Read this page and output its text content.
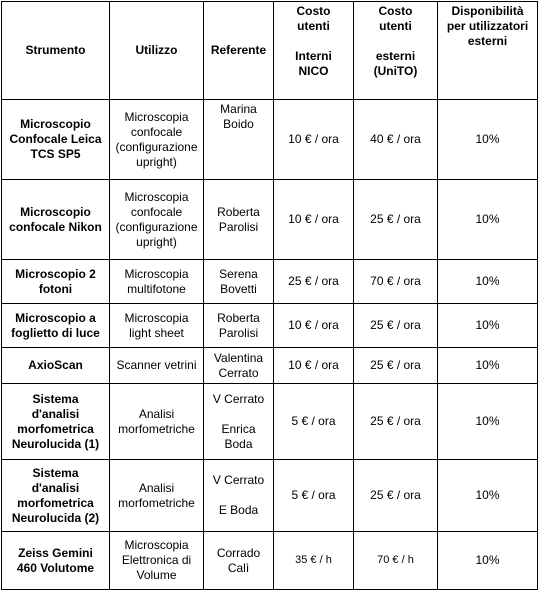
Strumento	Utilizzo	Referente	Costo
utenti
Interni
NICO	Costo
utenti
esterni
(UniTO)	Disponibilità
per utilizzatori
esterni

Microscopio
Confocale Leica
TCS SP5	Microscopia
confocale
(configurazione
upright)	Marina
Boido	10 € / ora	40 € / ora	10%

Microscopio
confocale Nikon	Microscopia
confocale
(configurazione
upright)	Roberta
Parolisi	10 € / ora	25 € / ora	10%

Microscopio 2
fotoni	Microscopia
multifotone	Serena
Bovetti	25 € / ora	70 € / ora	10%

Microscopio a
foglietto di luce	Microscopia
light sheet	Roberta
Parolisi	10 € / ora	25 € / ora	10%

AxioScan	Scanner vetrini	Valentina
Cerrato	10 € / ora	25 € / ora	10%

Sistema
d'analisi
morfometrica
Neurolucida (1)	Analisi
morfometriche	V Cerrato
Enrica
Boda	5 € / ora	25 € / ora	10%

Sistema
d'analisi
morfometrica
Neurolucida (2)	Analisi
morfometriche	V Cerrato
E Boda	5 € / ora	25 € / ora	10%

Zeiss Gemini
460 Volutome	Microscopia
Elettronica di
Volume	Corrado
Calì	35 € / h	70 € / h	10%
